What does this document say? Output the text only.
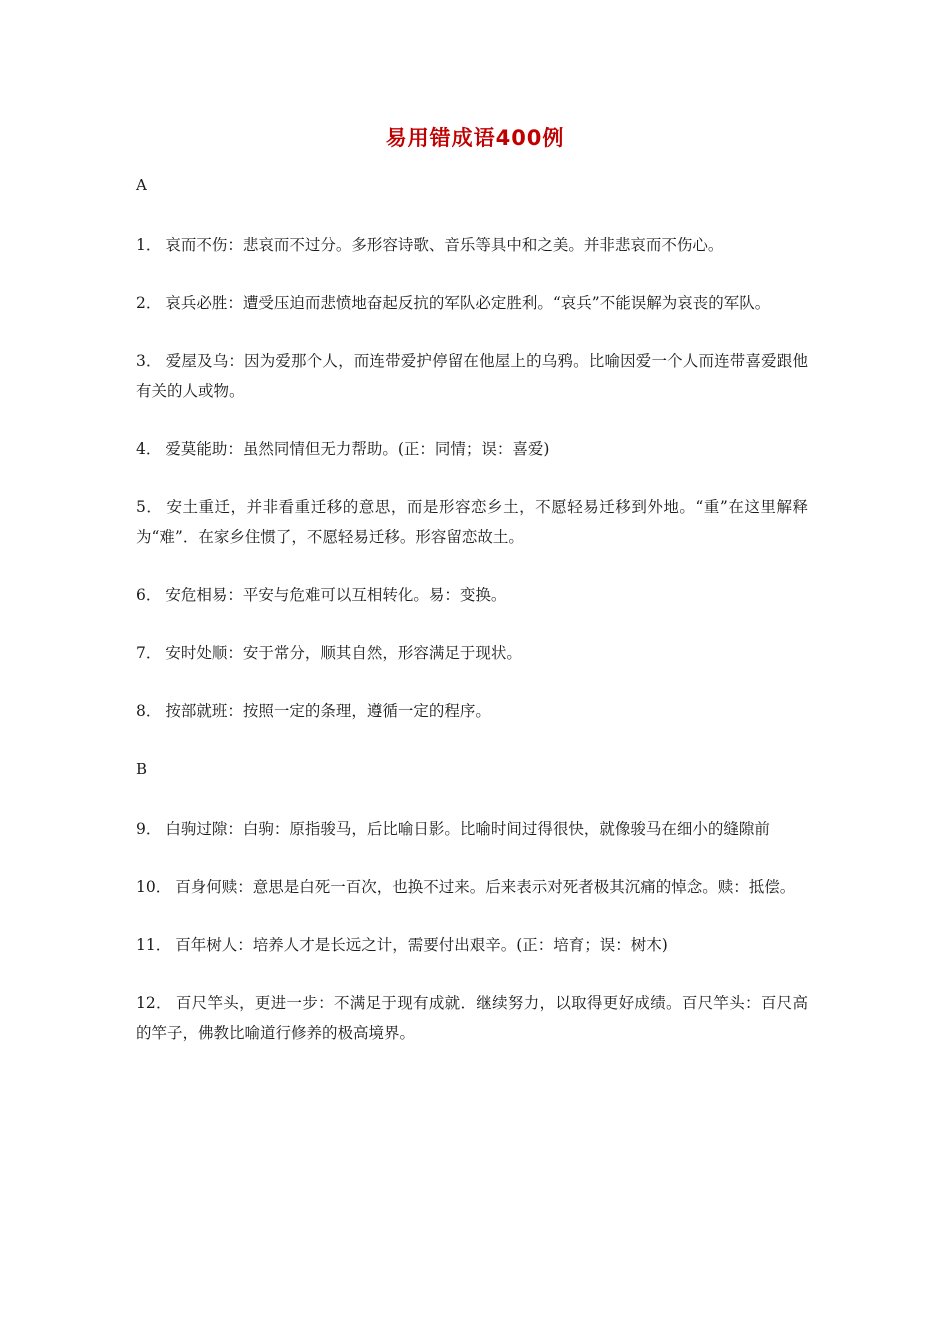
易用错成语400例
A
1． 哀而不伤：悲哀而不过分。多形容诗歌、音乐等具中和之美。并非悲哀而不伤心。
2． 哀兵必胜：遭受压迫而悲愤地奋起反抗的军队必定胜利。“哀兵”不能误解为哀丧的军队。
3． 爱屋及乌：因为爱那个人，而连带爱护停留在他屋上的乌鸦。比喻因爱一个人而连带喜爱跟他有关的人或物。
4． 爱莫能助：虽然同情但无力帮助。(正：同情；误：喜爱)
5． 安土重迁，并非看重迁移的意思，而是形容恋乡土，不愿轻易迁移到外地。“重”在这里解释为“难”．在家乡住惯了，不愿轻易迁移。形容留恋故土。
6． 安危相易：平安与危难可以互相转化。易：变换。
7． 安时处顺：安于常分，顺其自然，形容满足于现状。
8． 按部就班：按照一定的条理，遵循一定的程序。
B
9． 白驹过隙：白驹：原指骏马，后比喻日影。比喻时间过得很快，就像骏马在细小的缝隙前
10． 百身何赎：意思是白死一百次，也换不过来。后来表示对死者极其沉痛的悼念。赎：抵偿。
11． 百年树人：培养人才是长远之计，需要付出艰辛。(正：培育；误：树木)
12． 百尺竿头，更进一步：不满足于现有成就．继续努力，以取得更好成绩。百尺竿头：百尺高的竿子，佛教比喻道行修养的极高境界。
